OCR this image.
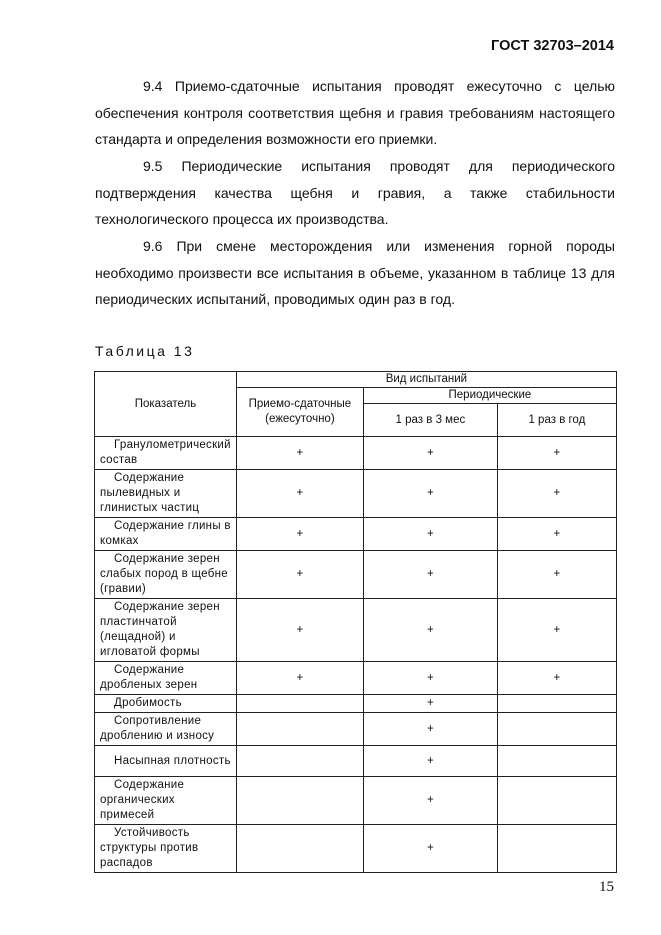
ГОСТ 32703–2014

9.4 Приемо-сдаточные испытания проводят ежесуточно с целью обеспечения контроля соответствия щебня и гравия требованиям настоящего стандарта и определения возможности его приемки.

9.5 Периодические испытания проводят для периодического подтверждения качества щебня и гравия, а также стабильности технологического процесса их производства.

9.6 При смене месторождения или изменения горной породы необходимо произвести все испытания в объеме, указанном в таблице 13 для периодических испытаний, проводимых один раз в год.

Таблица 13
Показатель	Вид испытаний		
	Приемо-сдаточные (ежесуточно)	Периодические	
		1 раз в 3 мес	1 раз в год

Гранулометрический состав	+	+	+

Содержание пылевидных и глинистых частиц	+	+	+

Содержание глины в комках	+	+	+

Содержание зерен слабых пород в щебне (гравии)	+	+	+

Содержание зерен пластинчатой (лещадной) и игловатой формы	+	+	+

Содержание дробленых зерен	+	+	+

Дробимость		+	

Сопротивление дроблению и износу		+	

Насыпная плотность		+	

Содержание органических примесей		+	

Устойчивость структуры против распадов		+	
15
